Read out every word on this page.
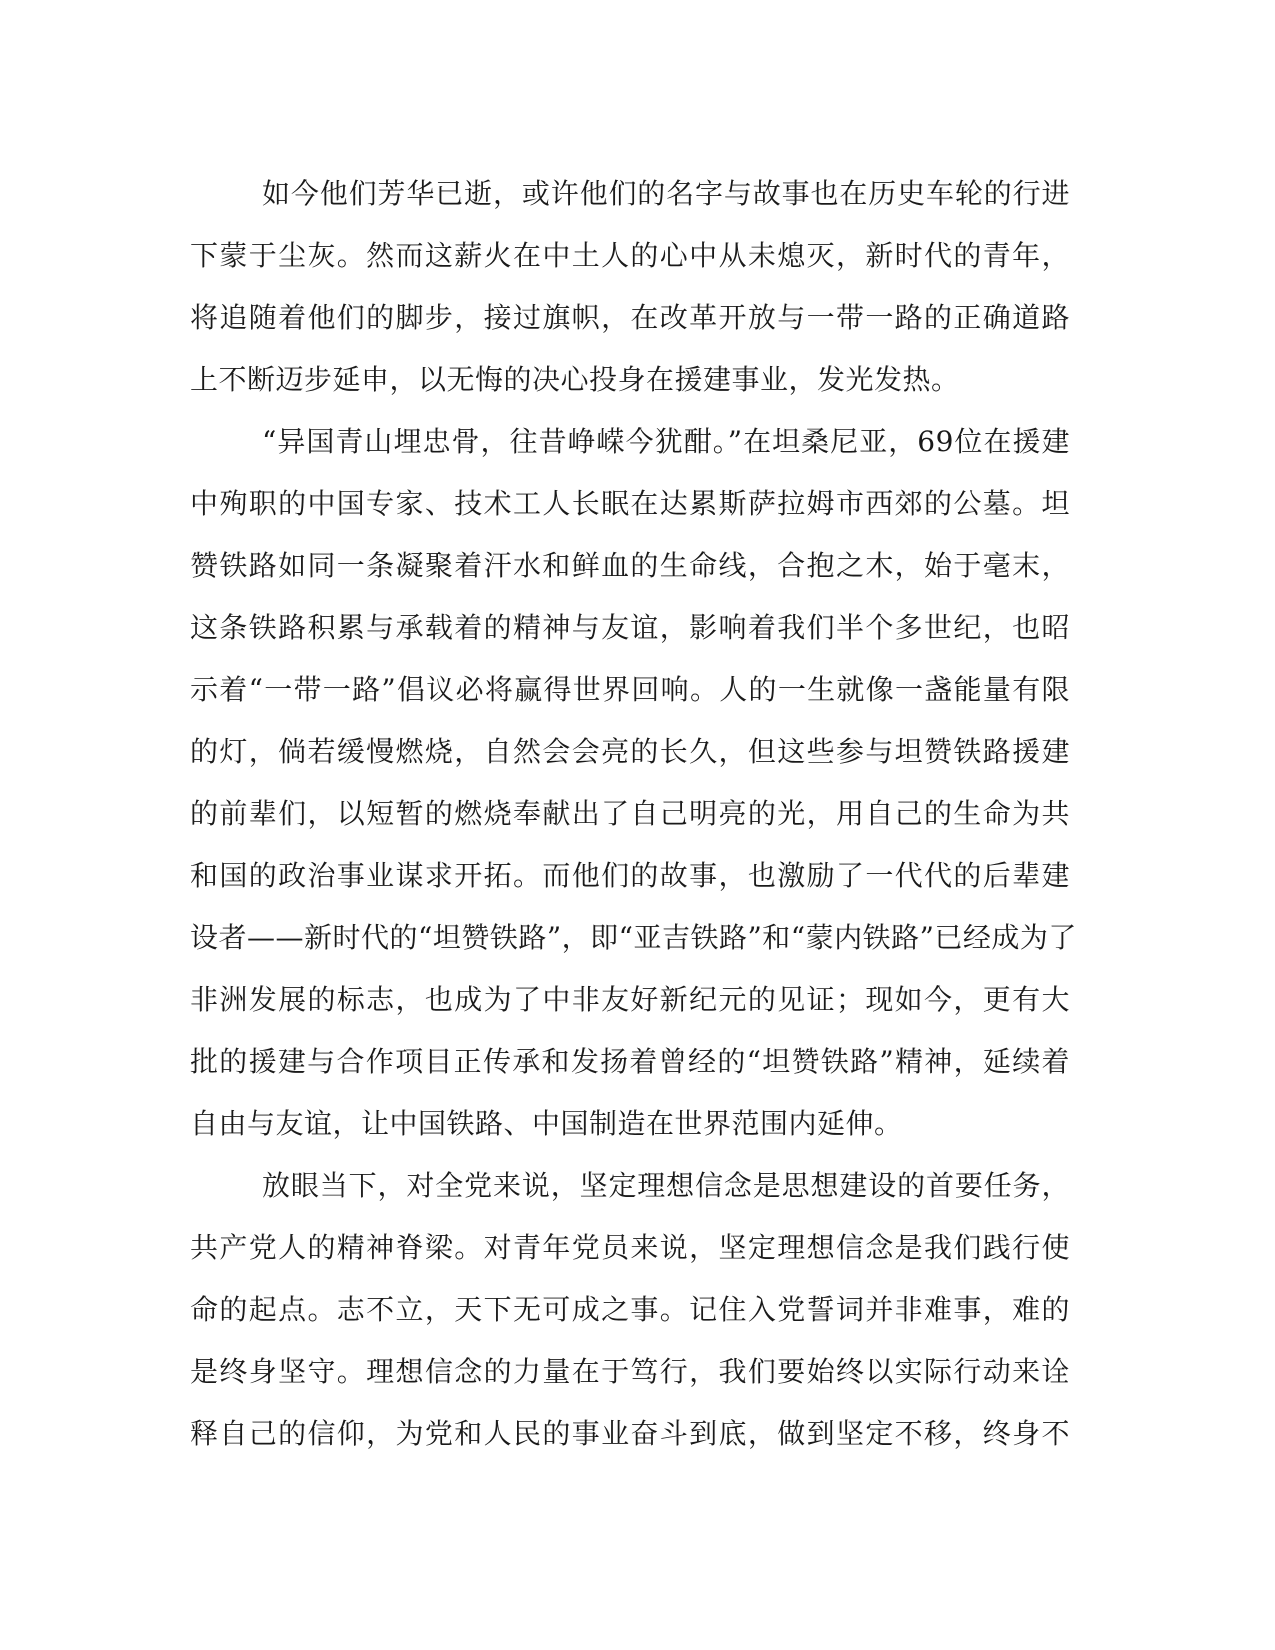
如今他们芳华已逝，或许他们的名字与故事也在历史车轮的行进
下蒙于尘灰。然而这薪火在中土人的心中从未熄灭，新时代的青年，
将追随着他们的脚步，接过旗帜，在改革开放与一带一路的正确道路
上不断迈步延申，以无悔的决心投身在援建事业，发光发热。
“异国青山埋忠骨，往昔峥嵘今犹酣。”在坦桑尼亚，69位在援建
中殉职的中国专家、技术工人长眠在达累斯萨拉姆市西郊的公墓。坦
赞铁路如同一条凝聚着汗水和鲜血的生命线，合抱之木，始于毫末，
这条铁路积累与承载着的精神与友谊，影响着我们半个多世纪，也昭
示着“一带一路”倡议必将赢得世界回响。人的一生就像一盏能量有限
的灯，倘若缓慢燃烧，自然会会亮的长久，但这些参与坦赞铁路援建
的前辈们，以短暂的燃烧奉献出了自己明亮的光，用自己的生命为共
和国的政治事业谋求开拓。而他们的故事，也激励了一代代的后辈建
设者——新时代的“坦赞铁路”，即“亚吉铁路”和“蒙内铁路”已经成为了
非洲发展的标志，也成为了中非友好新纪元的见证；现如今，更有大
批的援建与合作项目正传承和发扬着曾经的“坦赞铁路”精神，延续着
自由与友谊，让中国铁路、中国制造在世界范围内延伸。
放眼当下，对全党来说，坚定理想信念是思想建设的首要任务，
共产党人的精神脊梁。对青年党员来说，坚定理想信念是我们践行使
命的起点。志不立，天下无可成之事。记住入党誓词并非难事，难的
是终身坚守。理想信念的力量在于笃行，我们要始终以实际行动来诠
释自己的信仰，为党和人民的事业奋斗到底，做到坚定不移，终身不
